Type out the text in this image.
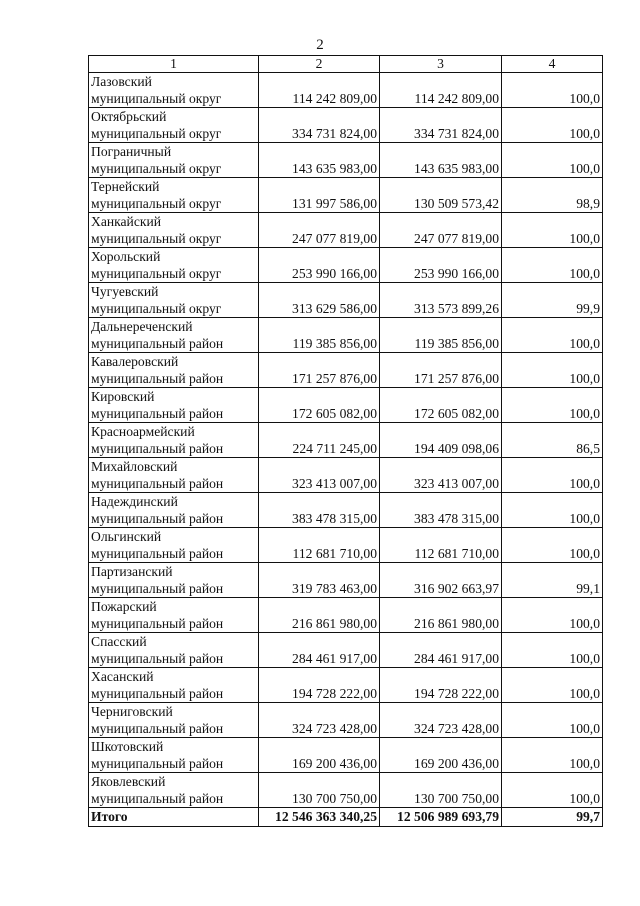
2
1	2	3	4

Лазовский
муниципальный округ	114 242 809,00	114 242 809,00	100,0

Октябрьский
муниципальный округ	334 731 824,00	334 731 824,00	100,0

Пограничный
муниципальный округ	143 635 983,00	143 635 983,00	100,0

Тернейский
муниципальный округ	131 997 586,00	130 509 573,42	98,9

Ханкайский
муниципальный округ	247 077 819,00	247 077 819,00	100,0

Хорольский
муниципальный округ	253 990 166,00	253 990 166,00	100,0

Чугуевский
муниципальный округ	313 629 586,00	313 573 899,26	99,9

Дальнереченский
муниципальный район	119 385 856,00	119 385 856,00	100,0

Кавалеровский
муниципальный район	171 257 876,00	171 257 876,00	100,0

Кировский
муниципальный район	172 605 082,00	172 605 082,00	100,0

Красноармейский
муниципальный район	224 711 245,00	194 409 098,06	86,5

Михайловский
муниципальный район	323 413 007,00	323 413 007,00	100,0

Надеждинский
муниципальный район	383 478 315,00	383 478 315,00	100,0

Ольгинский
муниципальный район	112 681 710,00	112 681 710,00	100,0

Партизанский
муниципальный район	319 783 463,00	316 902 663,97	99,1

Пожарский
муниципальный район	216 861 980,00	216 861 980,00	100,0

Спасский
муниципальный район	284 461 917,00	284 461 917,00	100,0

Хасанский
муниципальный район	194 728 222,00	194 728 222,00	100,0

Черниговский
муниципальный район	324 723 428,00	324 723 428,00	100,0

Шкотовский
муниципальный район	169 200 436,00	169 200 436,00	100,0

Яковлевский
муниципальный район	130 700 750,00	130 700 750,00	100,0
Итого	12 546 363 340,25	12 506 989 693,79	99,7
